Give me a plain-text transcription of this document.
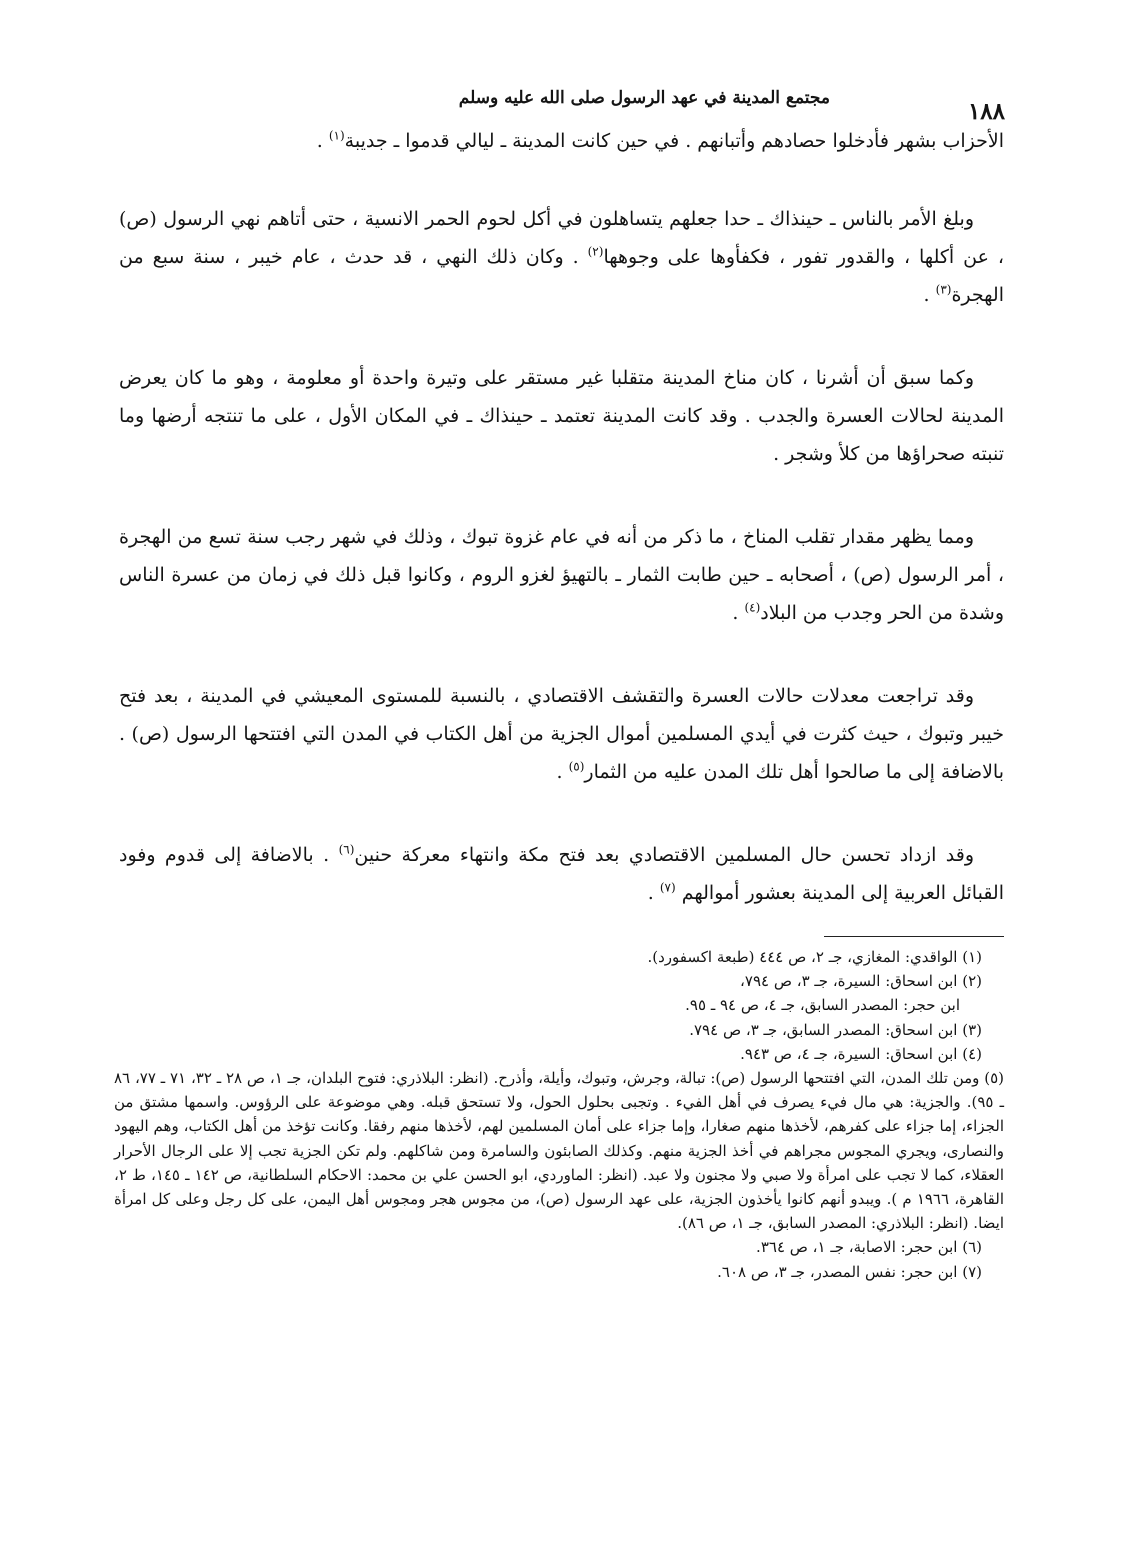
مجتمع المدينة في عهد الرسول صلى الله عليه وسلم	١٨٨

الأحزاب بشهر فأدخلوا حصادهم وأتبانهم . في حين كانت المدينة ـ ليالي قدموا ـ جديبة$^{(١)}$ .

وبلغ الأمر بالناس ـ حينذاك ـ حدا جعلهم يتساهلون في أكل لحوم الحمر الانسية ، حتى أتاهم نهي الرسول (ص) ، عن أكلها ، والقدور تفور ، فكفأوها على وجوهها$^{(٢)}$ . وكان ذلك النهي ، قد حدث ، عام خيبر ، سنة سبع من الهجرة$^{(٣)}$ .

وكما سبق أن أشرنا ، كان مناخ المدينة متقلبا غير مستقر على وتيرة واحدة أو معلومة ، وهو ما كان يعرض المدينة لحالات العسرة والجدب . وقد كانت المدينة تعتمد ـ حينذاك ـ في المكان الأول ، على ما تنتجه أرضها وما تنبته صحراؤها من كلأ وشجر .

ومما يظهر مقدار تقلب المناخ ، ما ذكر من أنه في عام غزوة تبوك ، وذلك في شهر رجب سنة تسع من الهجرة ، أمر الرسول (ص) ، أصحابه ـ حين طابت الثمار ـ بالتهيؤ لغزو الروم ، وكانوا قبل ذلك في زمان من عسرة الناس وشدة من الحر وجدب من البلاد$^{(٤)}$ .

وقد تراجعت معدلات حالات العسرة والتقشف الاقتصادي ، بالنسبة للمستوى المعيشي في المدينة ، بعد فتح خيبر وتبوك ، حيث كثرت في أيدي المسلمين أموال الجزية من أهل الكتاب في المدن التي افتتحها الرسول (ص) . بالاضافة إلى ما صالحوا أهل تلك المدن عليه من الثمار$^{(٥)}$ .

وقد ازداد تحسن حال المسلمين الاقتصادي بعد فتح مكة وانتهاء معركة حنين$^{(٦)}$ . بالاضافة إلى قدوم وفود القبائل العربية إلى المدينة بعشور أموالهم $^{(٧)}$ .

(١) الواقدي: المغازي، جـ ٢، ص ٤٤٤ (طبعة اكسفورد).

(٢) ابن اسحاق: السيرة، جـ ٣، ص ٧٩٤،

ابن حجر: المصدر السابق، جـ ٤، ص ٩٤ ـ ٩٥.

(٣) ابن اسحاق: المصدر السابق، جـ ٣، ص ٧٩٤.

(٤) ابن اسحاق: السيرة، جـ ٤، ص ٩٤٣.

(٥) ومن تلك المدن، التي افتتحها الرسول (ص): تبالة، وجرش، وتبوك، وأيلة، وأذرح. (انظر: البلاذري: فتوح البلدان، جـ ١، ص ٢٨ ـ ٣٢، ٧١ ـ ٧٧، ٨٦ ـ ٩٥). والجزية: هي مال فيء يصرف في أهل الفيء . وتجبى بحلول الحول، ولا تستحق قبله. وهي موضوعة على الرؤوس. واسمها مشتق من الجزاء، إما جزاء على كفرهم، لأخذها منهم صغارا، وإما جزاء على أمان المسلمين لهم، لأخذها منهم رفقا. وكانت تؤخذ من أهل الكتاب، وهم اليهود والنصارى، ويجري المجوس مجراهم في أخذ الجزية منهم. وكذلك الصابئون والسامرة ومن شاكلهم. ولم تكن الجزية تجب إلا على الرجال الأحرار العقلاء، كما لا تجب على امرأة ولا صبي ولا مجنون ولا عبد. (انظر: الماوردي، ابو الحسن علي بن محمد: الاحكام السلطانية، ص ١٤٢ ـ ١٤٥، ط ٢، القاهرة، ١٩٦٦ م ). ويبدو أنهم كانوا يأخذون الجزية، على عهد الرسول (ص)، من مجوس هجر ومجوس أهل اليمن، على كل رجل وعلى كل امرأة ايضا. (انظر: البلاذري: المصدر السابق، جـ ١، ص ٨٦).

(٦) ابن حجر: الاصابة، جـ ١، ص ٣٦٤.

(٧) ابن حجر: نفس المصدر، جـ ٣، ص ٦٠٨.
